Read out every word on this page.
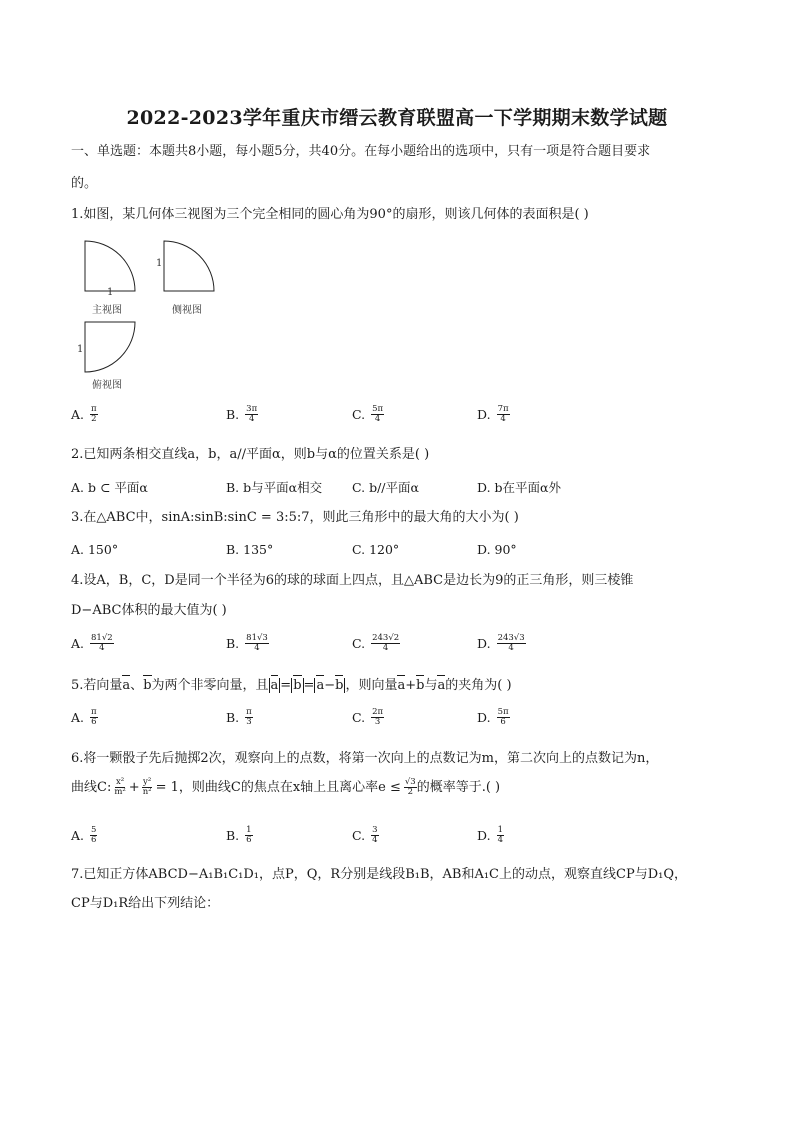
2022-2023学年重庆市缙云教育联盟高一下学期期末数学试题
一、单选题：本题共8小题，每小题5分，共40分。在每小题给出的选项中，只有一项是符合题目要求
的。
1.如图，某几何体三视图为三个完全相同的圆心角为90°的扇形，则该几何体的表面积是( )
1
主视图
1
侧视图
1
俯视图
A. $\frac{\pi}{2}$	B. $\frac{3\pi}{4}$	C. $\frac{5\pi}{4}$	D. $\frac{7\pi}{4}$
2.已知两条相交直线a，b，a//平面α，则b与α的位置关系是( )
A. b ⊂ 平面α	B. b与平面α相交 C. b//平面α	D. b在平面α外
3.在△ABC中，sinA:sinB:sinC = 3:5:7，则此三角形中的最大角的大小为( )
A. 150°	B. 135°	C. 120°	D. 90°
4.设A，B，C，D是同一个半径为6的球的球面上四点，且△ABC是边长为9的正三角形，则三棱锥
D−ABC体积的最大值为( )
A. $\frac{81√2}{4}$	B. $\frac{81√3}{4}$	C. $\frac{243√2}{4}$	D. $\frac{243√3}{4}$
5.若向量a、b为两个非零向量，且 a = b = a−b ，则向量a+b与a的夹角为( )
A. $\frac{\pi}{6}$	B. $\frac{\pi}{3}$	C. $\frac{2\pi}{3}$	D. $\frac{5\pi}{6}$
6.将一颗骰子先后抛掷2次，观察向上的点数，将第一次向上的点数记为m，第二次向上的点数记为n，
曲线C: $\frac{\text{x²}}{\text{m²}} + \frac{\text{y²}}{\text{n²}} = 1$，则曲线C的焦点在x轴上且离心率$e \le \frac{√3}{2}$ 的概率等于.( )
A. $\frac{5}{6}$	B. $\frac{1}{6}$	C. $\frac{3}{4}$	D. $\frac{1}{4}$
7.已知正方体ABCD−A₁B₁C₁D₁，点P，Q，R分别是线段B₁B，AB和A₁C上的动点，观察直线CP与D₁Q，
CP与D₁R给出下列结论：
